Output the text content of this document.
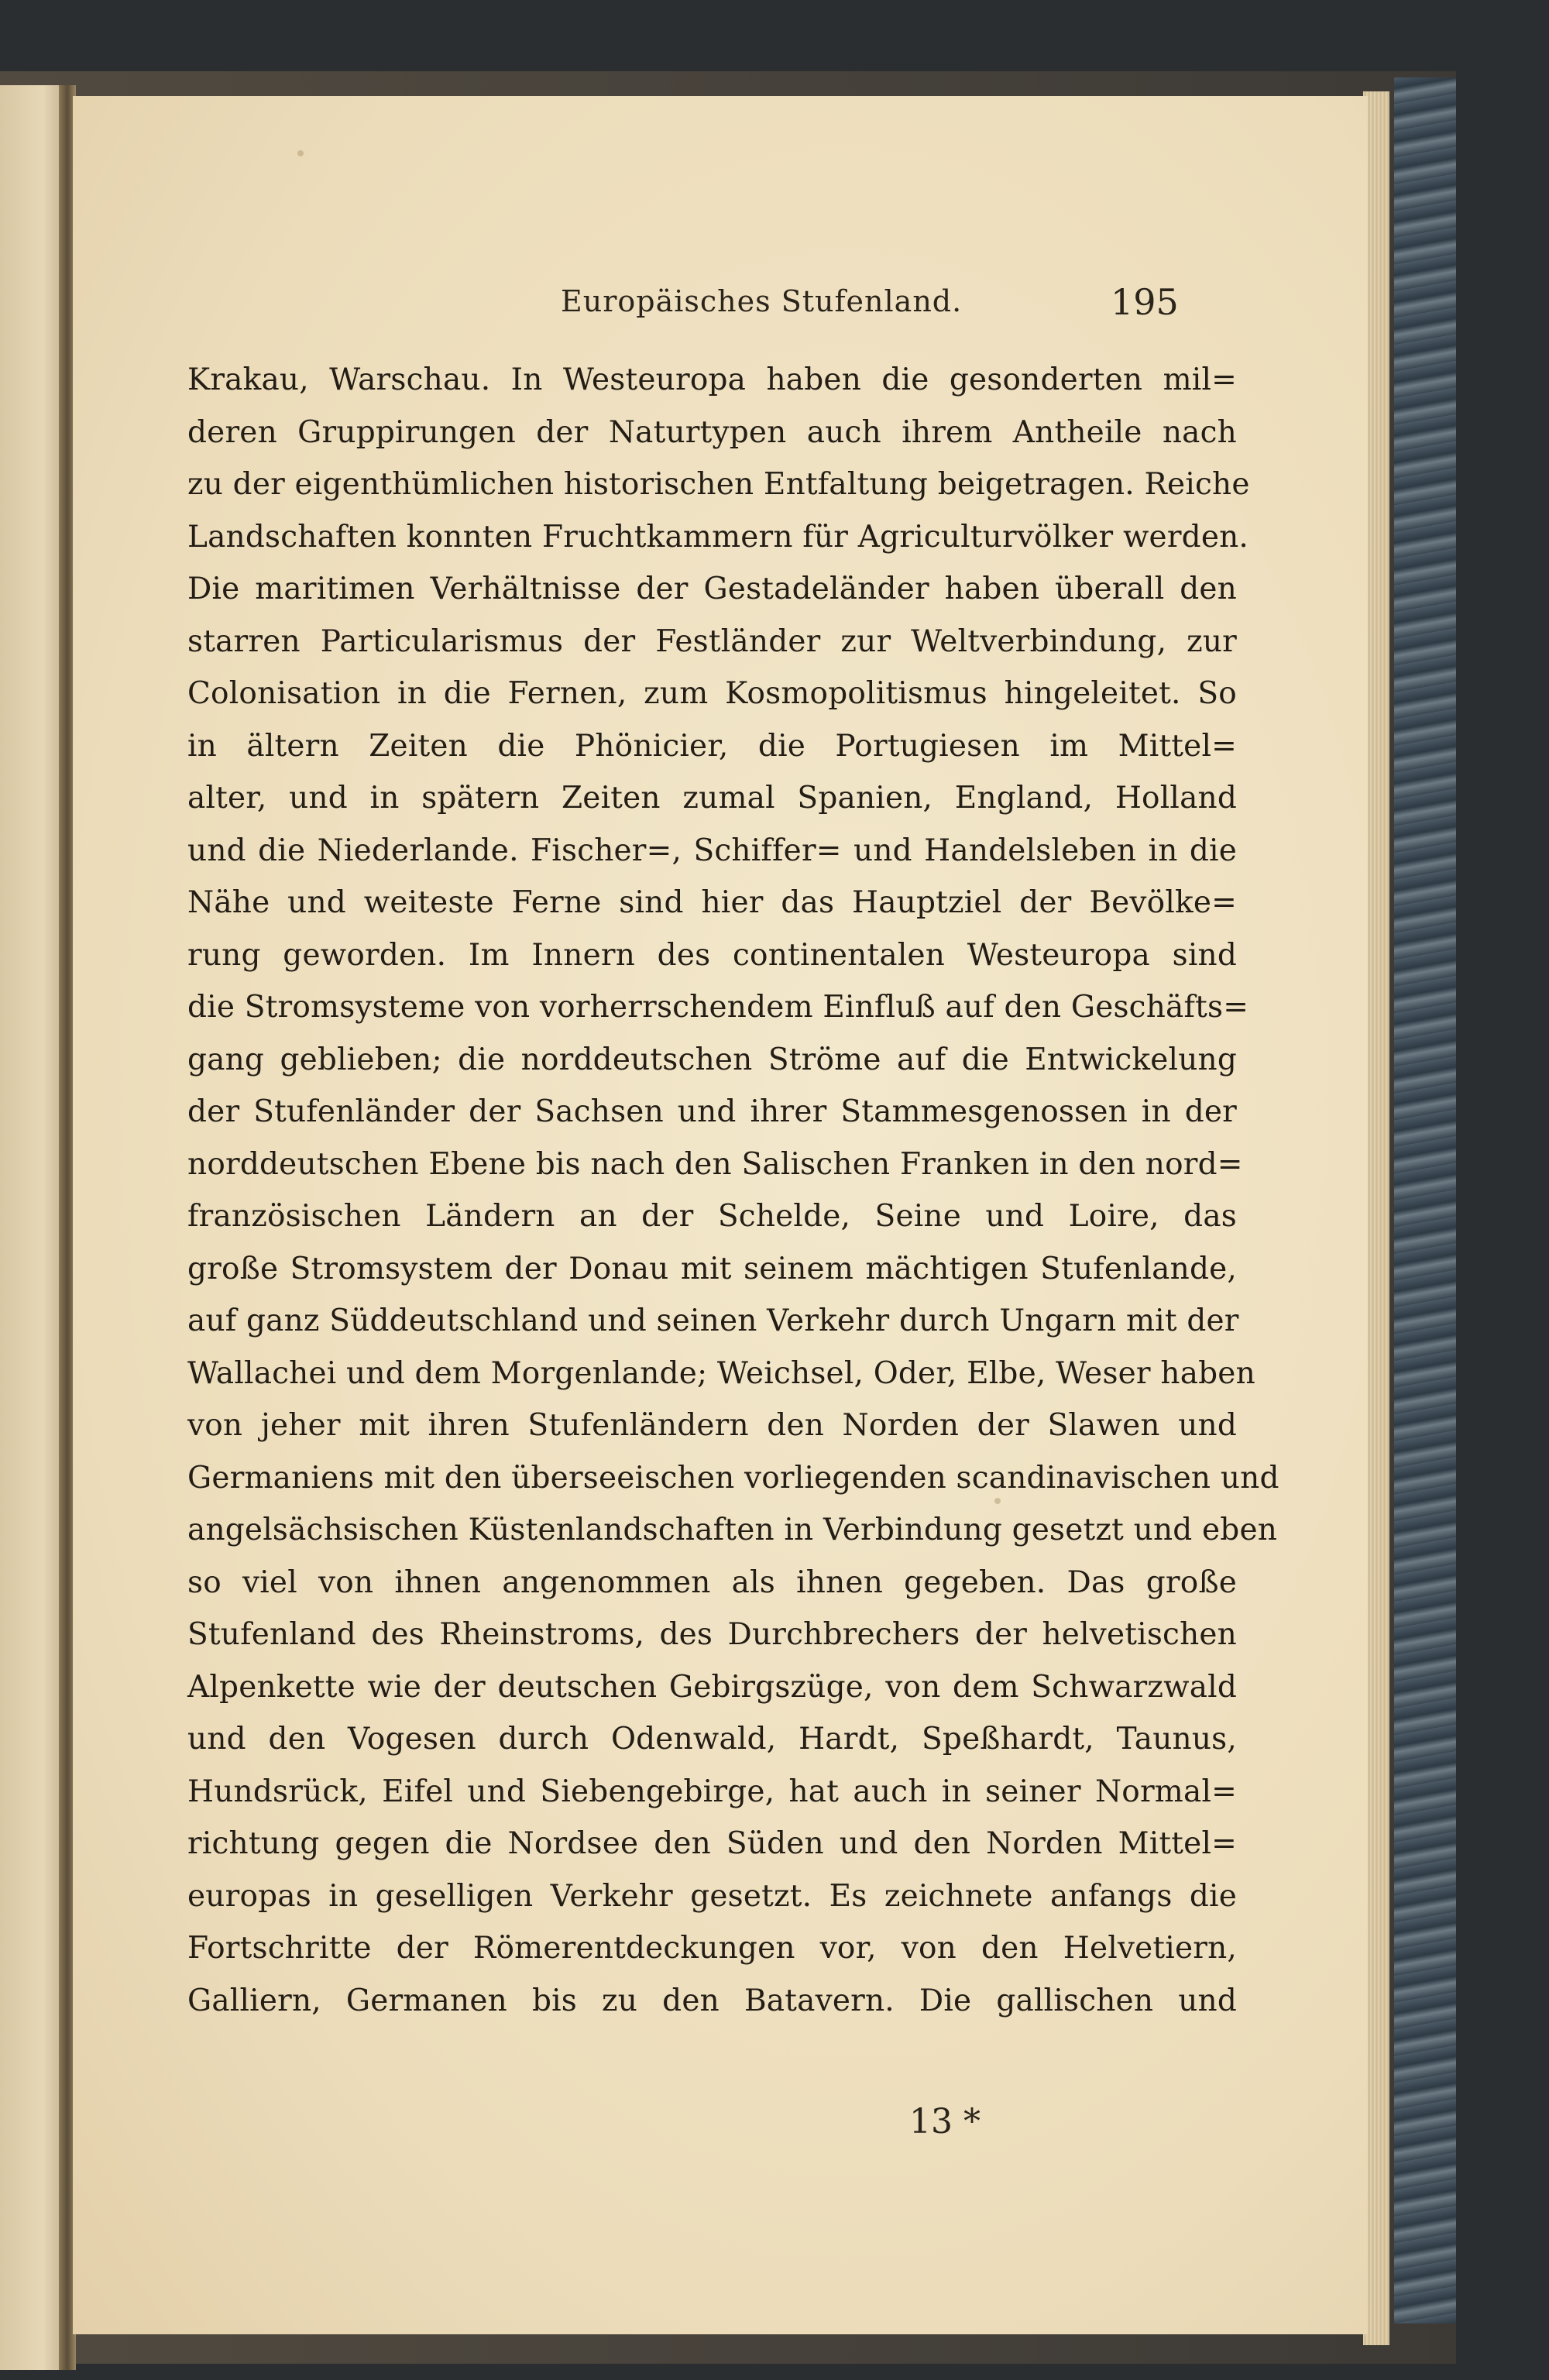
Europäisches Stufenland.	195
Krakau, Warschau. In Westeuropa haben die gesonderten mil=
deren Gruppirungen der Naturtypen auch ihrem Antheile nach
zu der eigenthümlichen historischen Entfaltung beigetragen. Reiche
Landschaften konnten Fruchtkammern für Agriculturvölker werden.
Die maritimen Verhältnisse der Gestadeländer haben überall den
starren Particularismus der Festländer zur Weltverbindung, zur
Colonisation in die Fernen, zum Kosmopolitismus hingeleitet. So
in ältern Zeiten die Phönicier, die Portugiesen im Mittel=
alter, und in spätern Zeiten zumal Spanien, England, Holland
und die Niederlande. Fischer=, Schiffer= und Handelsleben in die
Nähe und weiteste Ferne sind hier das Hauptziel der Bevölke=
rung geworden. Im Innern des continentalen Westeuropa sind
die Stromsysteme von vorherrschendem Einfluß auf den Geschäfts=
gang geblieben; die norddeutschen Ströme auf die Entwickelung
der Stufenländer der Sachsen und ihrer Stammesgenossen in der
norddeutschen Ebene bis nach den Salischen Franken in den nord=
französischen Ländern an der Schelde, Seine und Loire, das
große Stromsystem der Donau mit seinem mächtigen Stufenlande,
auf ganz Süddeutschland und seinen Verkehr durch Ungarn mit der
Wallachei und dem Morgenlande; Weichsel, Oder, Elbe, Weser haben
von jeher mit ihren Stufenländern den Norden der Slawen und
Germaniens mit den überseeischen vorliegenden scandinavischen und
angelsächsischen Küstenlandschaften in Verbindung gesetzt und eben
so viel von ihnen angenommen als ihnen gegeben. Das große
Stufenland des Rheinstroms, des Durchbrechers der helvetischen
Alpenkette wie der deutschen Gebirgszüge, von dem Schwarzwald
und den Vogesen durch Odenwald, Hardt, Speßhardt, Taunus,
Hundsrück, Eifel und Siebengebirge, hat auch in seiner Normal=
richtung gegen die Nordsee den Süden und den Norden Mittel=
europas in geselligen Verkehr gesetzt. Es zeichnete anfangs die
Fortschritte der Römerentdeckungen vor, von den Helvetiern,
Galliern, Germanen bis zu den Batavern. Die gallischen und
13 *
